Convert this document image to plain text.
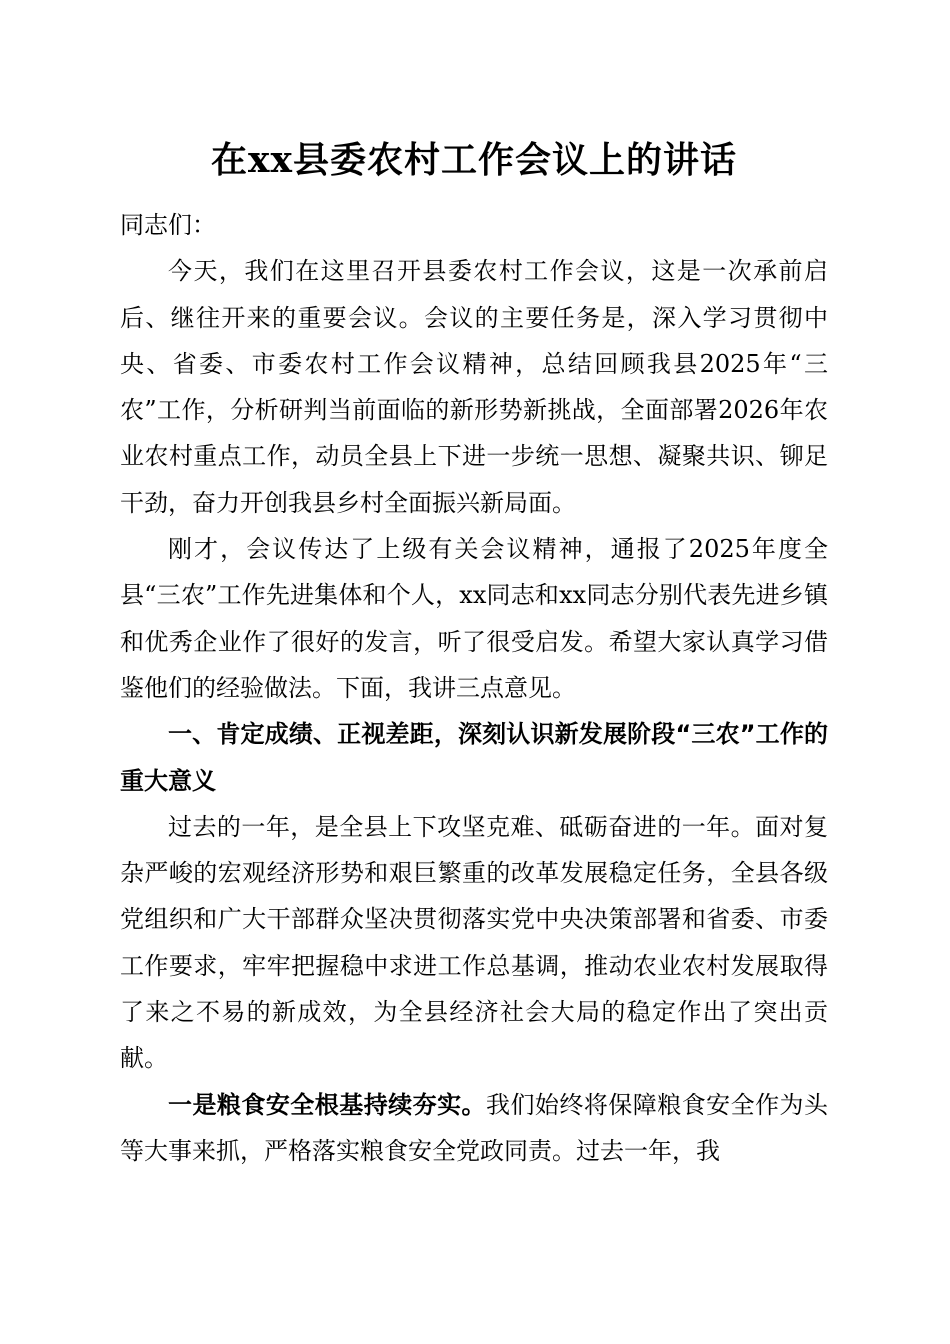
在xx县委农村工作会议上的讲话

同志们：

今天，我们在这里召开县委农村工作会议，这是一次承前启后、继往开来的重要会议。会议的主要任务是，深入学习贯彻中央、省委、市委农村工作会议精神，总结回顾我县2025年“三农”工作，分析研判当前面临的新形势新挑战，全面部署2026年农业农村重点工作，动员全县上下进一步统一思想、凝聚共识、铆足干劲，奋力开创我县乡村全面振兴新局面。

刚才，会议传达了上级有关会议精神，通报了2025年度全县“三农”工作先进集体和个人，xx同志和xx同志分别代表先进乡镇和优秀企业作了很好的发言，听了很受启发。希望大家认真学习借鉴他们的经验做法。下面，我讲三点意见。

一、肯定成绩、正视差距，深刻认识新发展阶段“三农”工作的重大意义

过去的一年，是全县上下攻坚克难、砥砺奋进的一年。面对复杂严峻的宏观经济形势和艰巨繁重的改革发展稳定任务，全县各级党组织和广大干部群众坚决贯彻落实党中央决策部署和省委、市委工作要求，牢牢把握稳中求进工作总基调，推动农业农村发展取得了来之不易的新成效，为全县经济社会大局的稳定作出了突出贡献。

一是粮食安全根基持续夯实。我们始终将保障粮食安全作为头等大事来抓，严格落实粮食安全党政同责。过去一年，我
